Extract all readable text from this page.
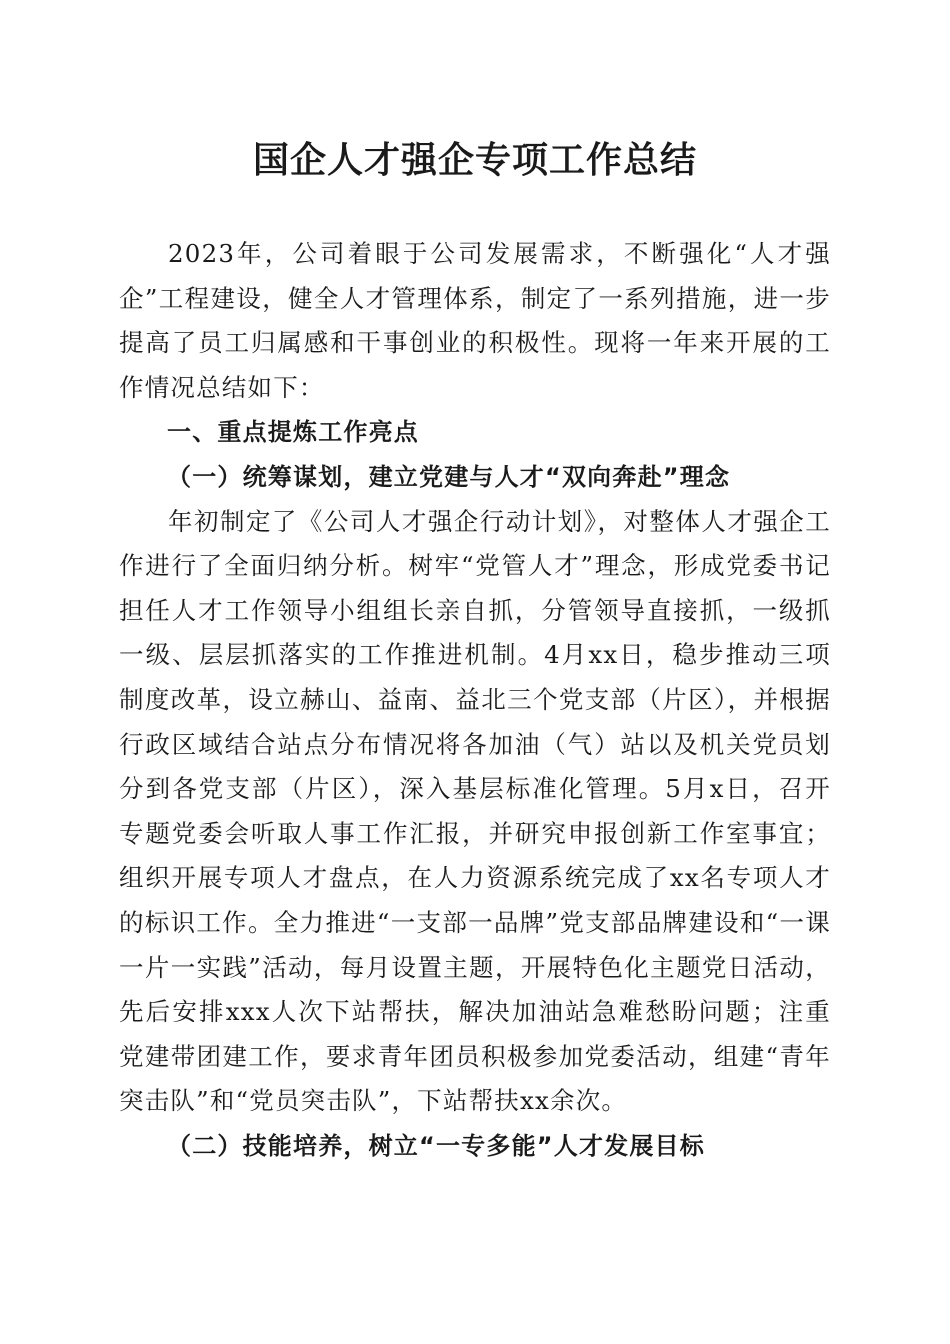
国企人才强企专项工作总结

2023年，公司着眼于公司发展需求，不断强化“人才强企”工程建设，健全人才管理体系，制定了一系列措施，进一步提高了员工归属感和干事创业的积极性。现将一年来开展的工作情况总结如下：

一、重点提炼工作亮点

（一）统筹谋划，建立党建与人才“双向奔赴”理念

年初制定了《公司人才强企行动计划》，对整体人才强企工作进行了全面归纳分析。树牢“党管人才”理念，形成党委书记担任人才工作领导小组组长亲自抓，分管领导直接抓，一级抓一级、层层抓落实的工作推进机制。4月xx日，稳步推动三项制度改革，设立赫山、益南、益北三个党支部（片区），并根据行政区域结合站点分布情况将各加油（气）站以及机关党员划分到各党支部（片区），深入基层标准化管理。5月x日，召开专题党委会听取人事工作汇报，并研究申报创新工作室事宜；组织开展专项人才盘点，在人力资源系统完成了xx名专项人才的标识工作。全力推进“一支部一品牌”党支部品牌建设和“一课一片一实践”活动，每月设置主题，开展特色化主题党日活动，先后安排xxx人次下站帮扶，解决加油站急难愁盼问题；注重党建带团建工作，要求青年团员积极参加党委活动，组建“青年突击队”和“党员突击队”，下站帮扶xx余次。

（二）技能培养，树立“一专多能”人才发展目标
